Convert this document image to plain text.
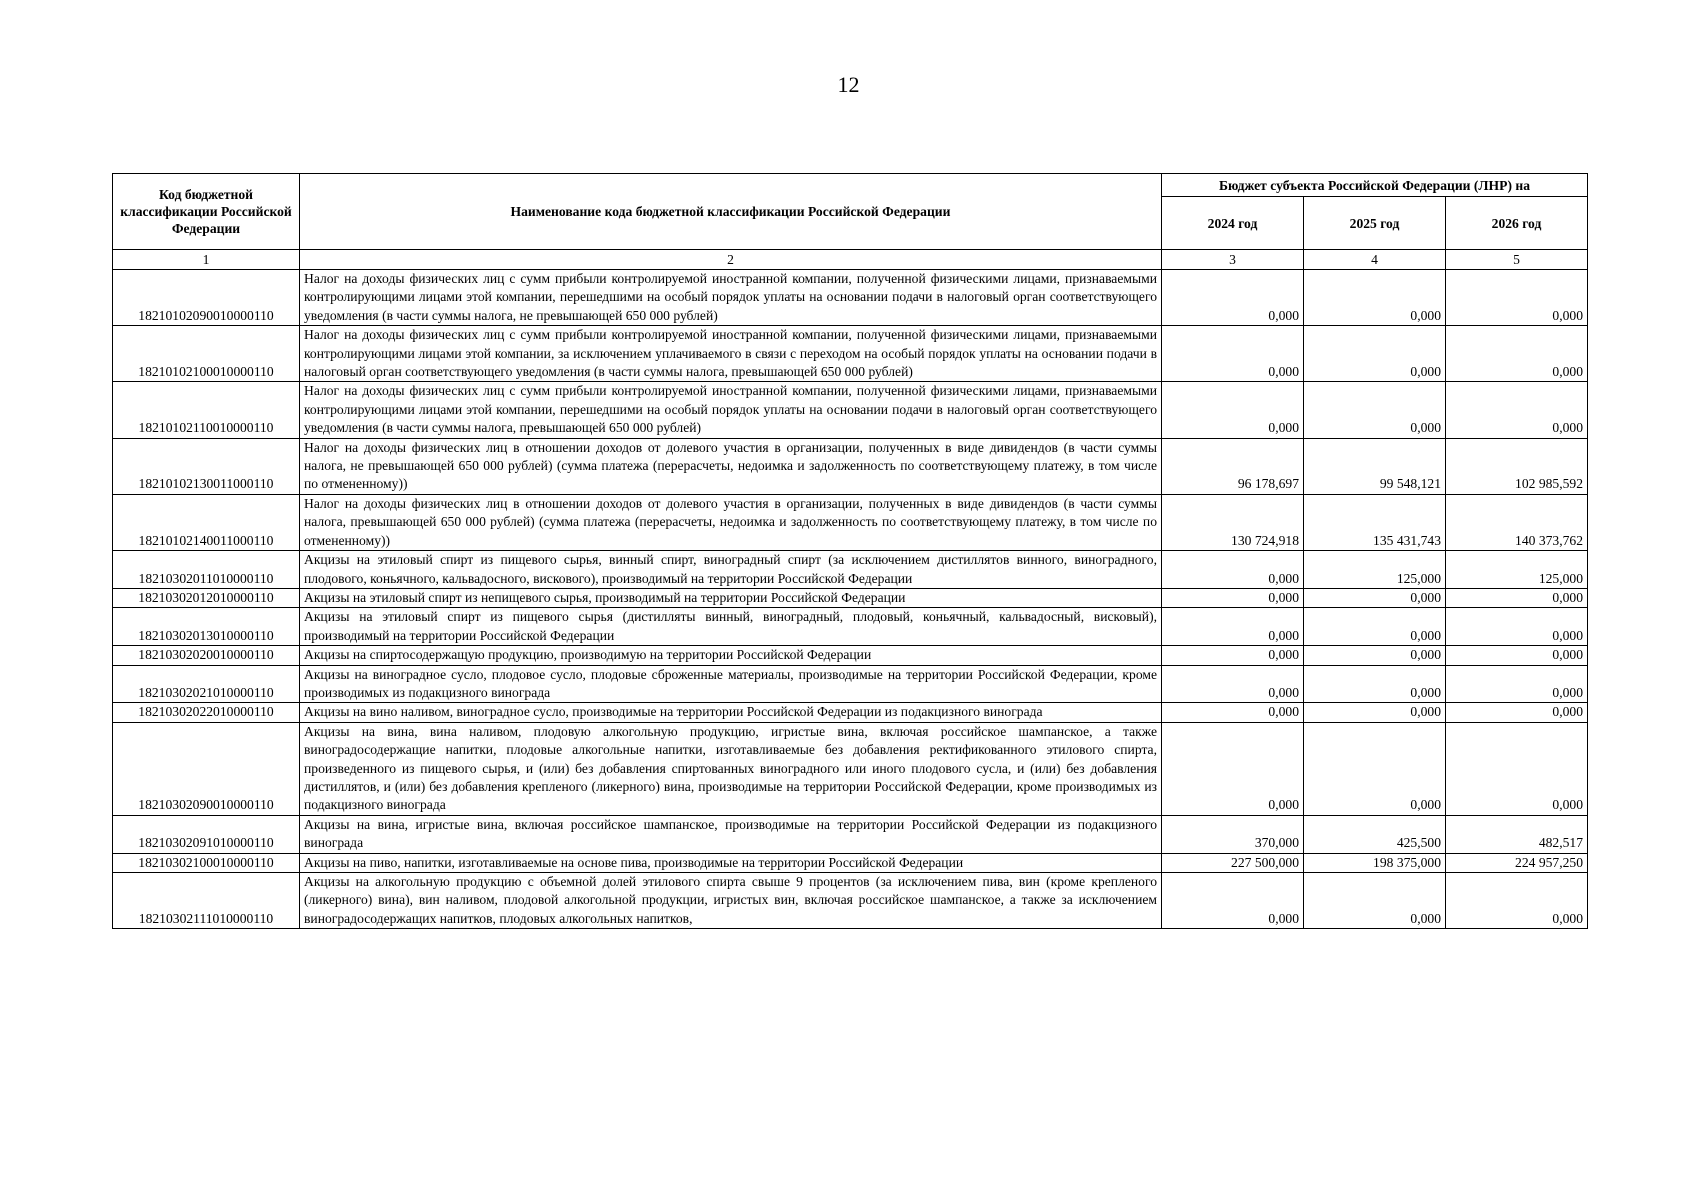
12
Код бюджетной классификации Российской Федерации	Наименование кода бюджетной классификации Российской Федерации	Бюджет субъекта Российской Федерации (ЛНР) на		
		2024 год	2025 год	2026 год
1	2	3	4	5
18210102090010000110	Налог на доходы физических лиц с сумм прибыли контролируемой иностранной компании, полученной физическими лицами, признаваемыми контролирующими лицами этой компании, перешедшими на особый порядок уплаты на основании подачи в налоговый орган соответствующего уведомления (в части суммы налога, не превышающей 650 000 рублей)	0,000	0,000	0,000
18210102100010000110	Налог на доходы физических лиц с сумм прибыли контролируемой иностранной компании, полученной физическими лицами, признаваемыми контролирующими лицами этой компании, за исключением уплачиваемого в связи с переходом на особый порядок уплаты на основании подачи в налоговый орган соответствующего уведомления (в части суммы налога, превышающей 650 000 рублей)	0,000	0,000	0,000
18210102110010000110	Налог на доходы физических лиц с сумм прибыли контролируемой иностранной компании, полученной физическими лицами, признаваемыми контролирующими лицами этой компании, перешедшими на особый порядок уплаты на основании подачи в налоговый орган соответствующего уведомления (в части суммы налога, превышающей 650 000 рублей)	0,000	0,000	0,000
18210102130011000110	Налог на доходы физических лиц в отношении доходов от долевого участия в организации, полученных в виде дивидендов (в части суммы налога, не превышающей 650 000 рублей) (сумма платежа (перерасчеты, недоимка и задолженность по соответствующему платежу, в том числе по отмененному))	96 178,697	99 548,121	102 985,592
18210102140011000110	Налог на доходы физических лиц в отношении доходов от долевого участия в организации, полученных в виде дивидендов (в части суммы налога, превышающей 650 000 рублей) (сумма платежа (перерасчеты, недоимка и задолженность по соответствующему платежу, в том числе по отмененному))	130 724,918	135 431,743	140 373,762
18210302011010000110	Акцизы на этиловый спирт из пищевого сырья, винный спирт, виноградный спирт (за исключением дистиллятов винного, виноградного, плодового, коньячного, кальвадосного, вискового), производимый на территории Российской Федерации	0,000	125,000	125,000
18210302012010000110	Акцизы на этиловый спирт из непищевого сырья, производимый на территории Российской Федерации	0,000	0,000	0,000
18210302013010000110	Акцизы на этиловый спирт из пищевого сырья (дистилляты винный, виноградный, плодовый, коньячный, кальвадосный, висковый), производимый на территории Российской Федерации	0,000	0,000	0,000
18210302020010000110	Акцизы на спиртосодержащую продукцию, производимую на территории Российской Федерации	0,000	0,000	0,000
18210302021010000110	Акцизы на виноградное сусло, плодовое сусло, плодовые сброженные материалы, производимые на территории Российской Федерации, кроме производимых из подакцизного винограда	0,000	0,000	0,000
18210302022010000110	Акцизы на вино наливом, виноградное сусло, производимые на территории Российской Федерации из подакцизного винограда	0,000	0,000	0,000
18210302090010000110	Акцизы на вина, вина наливом, плодовую алкогольную продукцию, игристые вина, включая российское шампанское, а также виноградосодержащие напитки, плодовые алкогольные напитки, изготавливаемые без добавления ректификованного этилового спирта, произведенного из пищевого сырья, и (или) без добавления спиртованных виноградного или иного плодового сусла, и (или) без добавления дистиллятов, и (или) без добавления крепленого (ликерного) вина, производимые на территории Российской Федерации, кроме производимых из подакцизного винограда	0,000	0,000	0,000
18210302091010000110	Акцизы на вина, игристые вина, включая российское шампанское, производимые на территории Российской Федерации из подакцизного винограда	370,000	425,500	482,517
18210302100010000110	Акцизы на пиво, напитки, изготавливаемые на основе пива, производимые на территории Российской Федерации	227 500,000	198 375,000	224 957,250
18210302111010000110	Акцизы на алкогольную продукцию с объемной долей этилового спирта свыше 9 процентов (за исключением пива, вин (кроме крепленого (ликерного) вина), вин наливом, плодовой алкогольной продукции, игристых вин, включая российское шампанское, а также за исключением виноградосодержащих напитков, плодовых алкогольных напитков,	0,000	0,000	0,000
